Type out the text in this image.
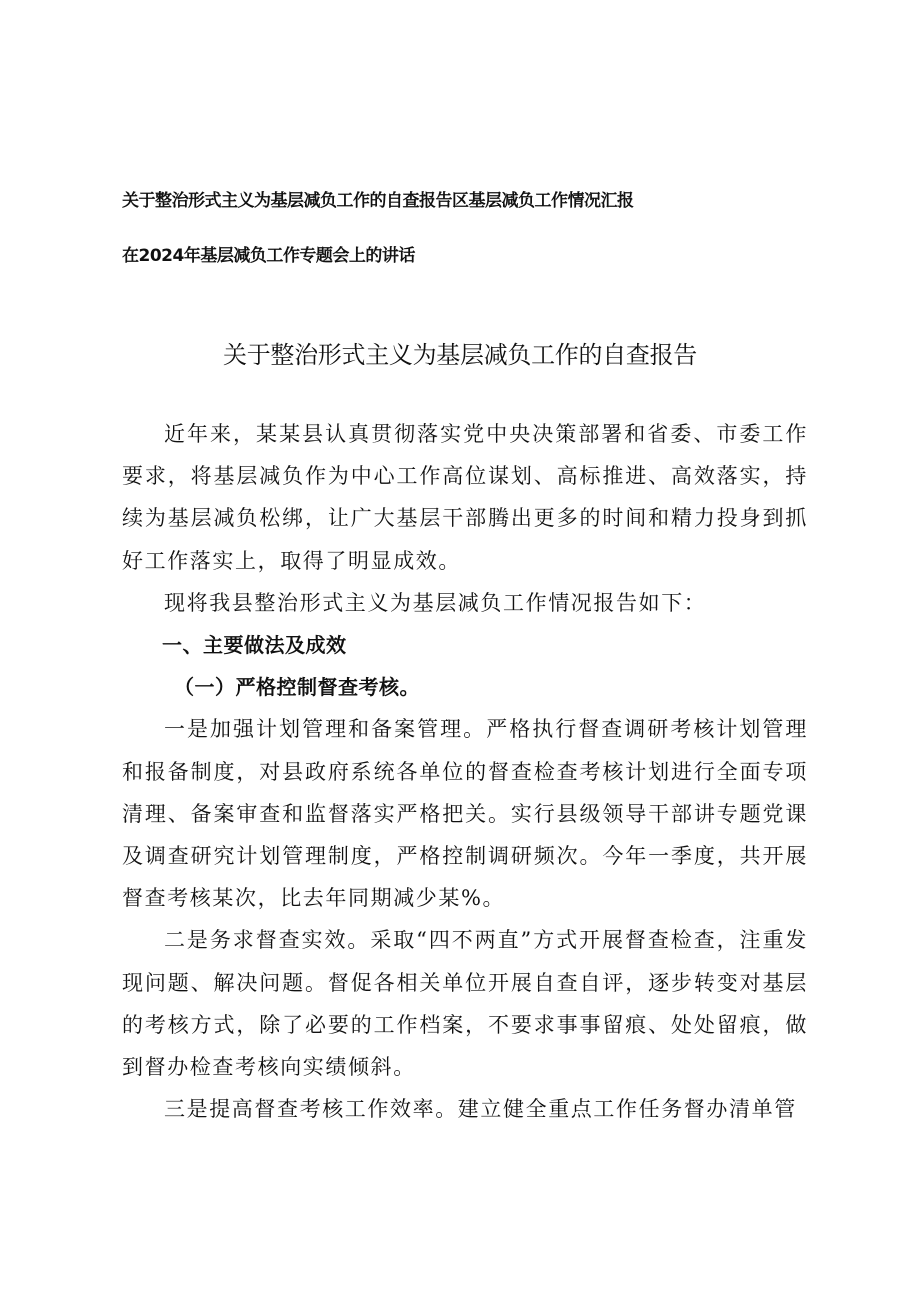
关于整治形式主义为基层减负工作的自查报告区基层减负工作情况汇报
在2024年基层减负工作专题会上的讲话
关于整治形式主义为基层减负工作的自查报告

近年来，某某县认真贯彻落实党中央决策部署和省委、市委工作要求，将基层减负作为中心工作高位谋划、高标推进、高效落实，持续为基层减负松绑，让广大基层干部腾出更多的时间和精力投身到抓好工作落实上，取得了明显成效。

现将我县整治形式主义为基层减负工作情况报告如下：

一、主要做法及成效

（一）严格控制督查考核。

一是加强计划管理和备案管理。严格执行督查调研考核计划管理和报备制度，对县政府系统各单位的督查检查考核计划进行全面专项清理、备案审查和监督落实严格把关。实行县级领导干部讲专题党课及调查研究计划管理制度，严格控制调研频次。今年一季度，共开展督查考核某次，比去年同期减少某%。

二是务求督查实效。采取“四不两直”方式开展督查检查，注重发现问题、解决问题。督促各相关单位开展自查自评，逐步转变对基层的考核方式，除了必要的工作档案，不要求事事留痕、处处留痕，做到督办检查考核向实绩倾斜。

三是提高督查考核工作效率。建立健全重点工作任务督办清单管
